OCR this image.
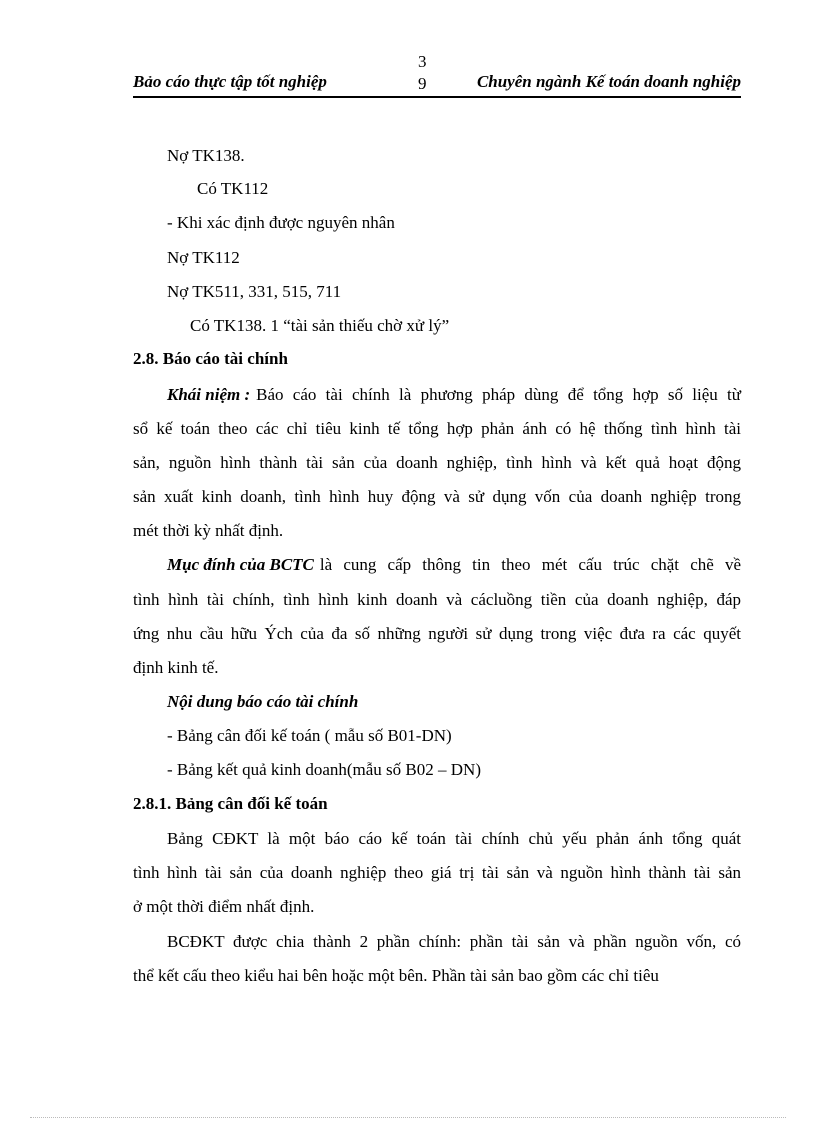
Bảo cáo thực tập tốt nghiệp
3
9	Chuyên ngành Kế toán doanh nghiệp
Nợ TK138.
Có TK112
- Khi xác định được nguyên nhân
Nợ TK112
Nợ TK511, 331, 515, 711
Có TK138. 1 “tài sản thiếu chờ xử lý”
2.8. Báo cáo tài chính
Khái niệm : Báo cáo tài chính là phương pháp dùng để tổng hợp số liệu từ
sổ kế toán theo các chỉ tiêu kinh tế tổng hợp phản ánh có hệ thống tình hình tài
sản, nguồn hình thành tài sản của doanh nghiệp, tình hình và kết quả hoạt động
sản xuất kinh doanh, tình hình huy động và sử dụng vốn của doanh nghiệp trong
mét thời kỳ nhất định.
Mục đính của BCTC là cung cấp thông tin theo mét cấu trúc chặt chẽ về
tình hình tài chính, tình hình kinh doanh và cácluồng tiền của doanh nghiệp, đáp
ứng nhu cầu hữu Ých của đa số những người sử dụng trong việc đưa ra các quyết
định kinh tế.
Nội dung báo cáo tài chính
- Bảng cân đối kế toán ( mẫu số B01-DN)
- Bảng kết quả kinh doanh(mẫu số B02 – DN)
2.8.1. Bảng cân đối kế toán
Bảng CĐKT là một báo cáo kế toán tài chính chủ yếu phản ánh tổng quát
tình hình tài sản của doanh nghiệp theo giá trị tài sản và nguồn hình thành tài sản
ở một thời điểm nhất định.
BCĐKT được chia thành 2 phần chính: phần tài sản và phần nguồn vốn, có
thể kết cấu theo kiểu hai bên hoặc một bên. Phần tài sản bao gồm các chỉ tiêu
